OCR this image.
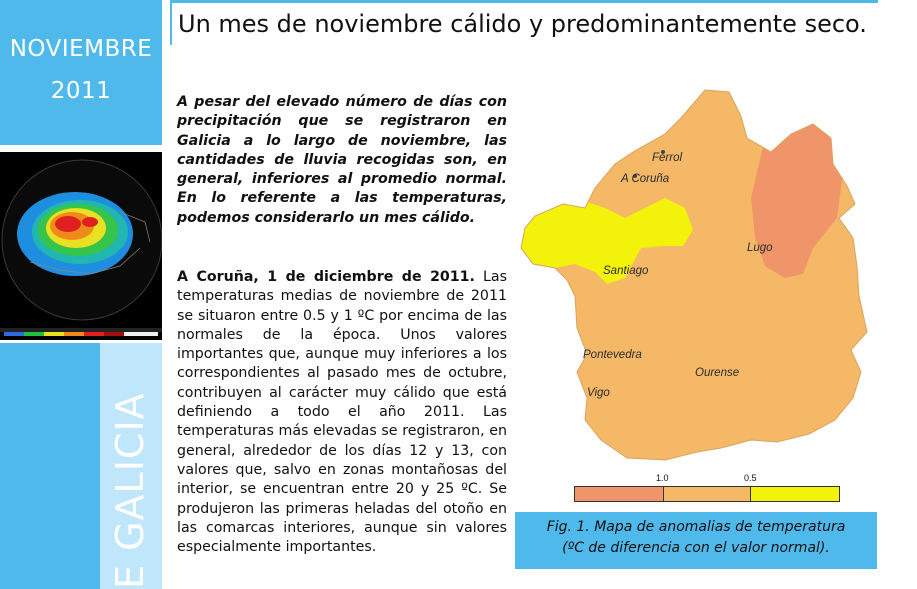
NOVIEMBRE
2011
E GALICIA
Un mes de noviembre cálido y predominantemente seco.
A pesar del elevado número de días con precipitación que se registraron en Galicia a lo largo de noviembre, las cantidades de lluvia recogidas son, en general, inferiores al promedio normal. En lo referente a las temperaturas, podemos considerarlo un mes cálido.
A Coruña, 1 de diciembre de 2011. Las temperaturas medias de noviembre de 2011 se situaron entre 0.5 y 1 ºC por encima de las normales de la época. Unos valores importantes que, aunque muy inferiores a los correspondientes al pasado mes de octubre, contribuyen al carácter muy cálido que está definiendo a todo el año 2011. Las temperaturas más elevadas se registraron, en general, alrededor de los días 12 y 13, con valores que, salvo en zonas montañosas del interior, se encuentran entre 20 y 25 ºC. Se produjeron las primeras heladas del otoño en las comarcas interiores, aunque sin valores especialmente importantes.
Ferrol
A Coruña
Lugo
Santiago
Pontevedra
Ourense
Vigo
1.0	0.5
Fig. 1. Mapa de anomalias de temperatura
(ºC de diferencia con el valor normal).
